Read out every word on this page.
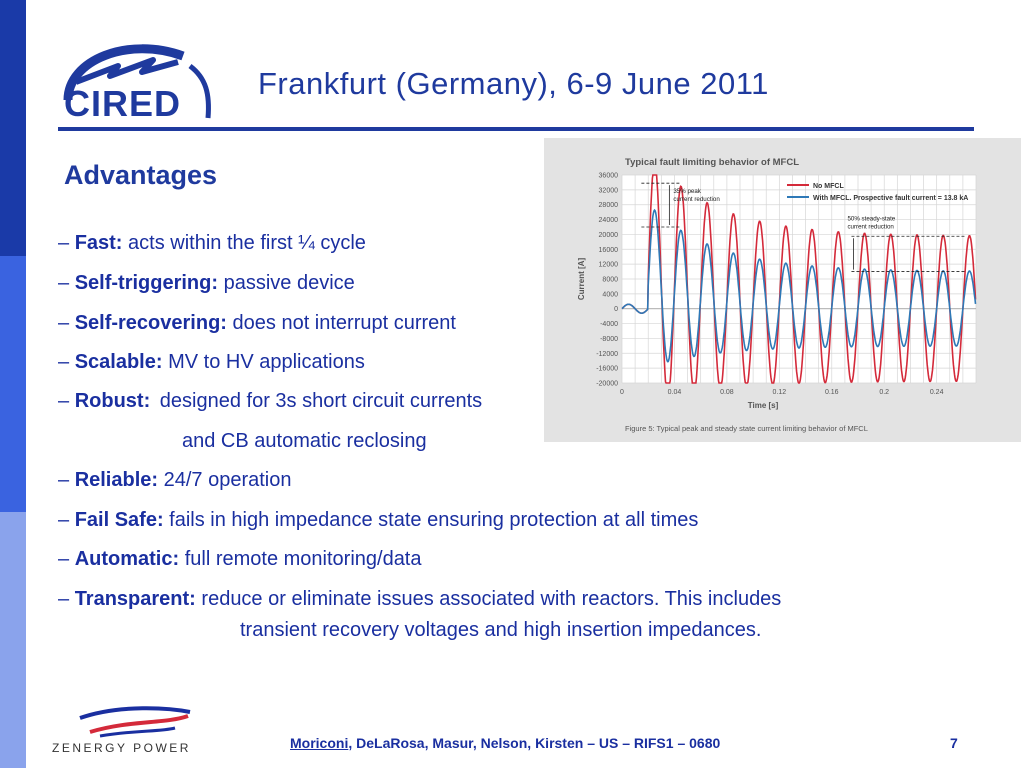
CIRED Frankfurt (Germany), 6-9 June 2011
Advantages
– Fast: acts within the first ¼ cycle
– Self-triggering: passive device
– Self-recovering: does not interrupt current
– Scalable: MV to HV applications
– Robust: designed for 3s short circuit currents
and CB automatic reclosing
– Reliable: 24/7 operation
– Fail Safe: fails in high impedance state ensuring protection at all times
– Automatic: full remote monitoring/data
– Transparent: reduce or eliminate issues associated with reactors. This includes
transient recovery voltages and high insertion impedances.
Typical fault limiting behavior of MFCL
36000
32000
28000
24000
20000
16000
12000
8000
4000
0
-4000
-8000
-12000
-16000
-20000
0	0.04	0.08	0.12	0.16	0.2	0.24
35% peak
current reduction
50% steady-state
current reduction
Current [A]
Time [s]
No MFCL
With MFCL. Prospective fault current = 13.8 kA
Figure 5: Typical peak and steady state current limiting behavior of MFCL
ZENERGY POWER	Moriconi, DeLaRosa, Masur, Nelson, Kirsten – US – RIFS1 – 0680	7
